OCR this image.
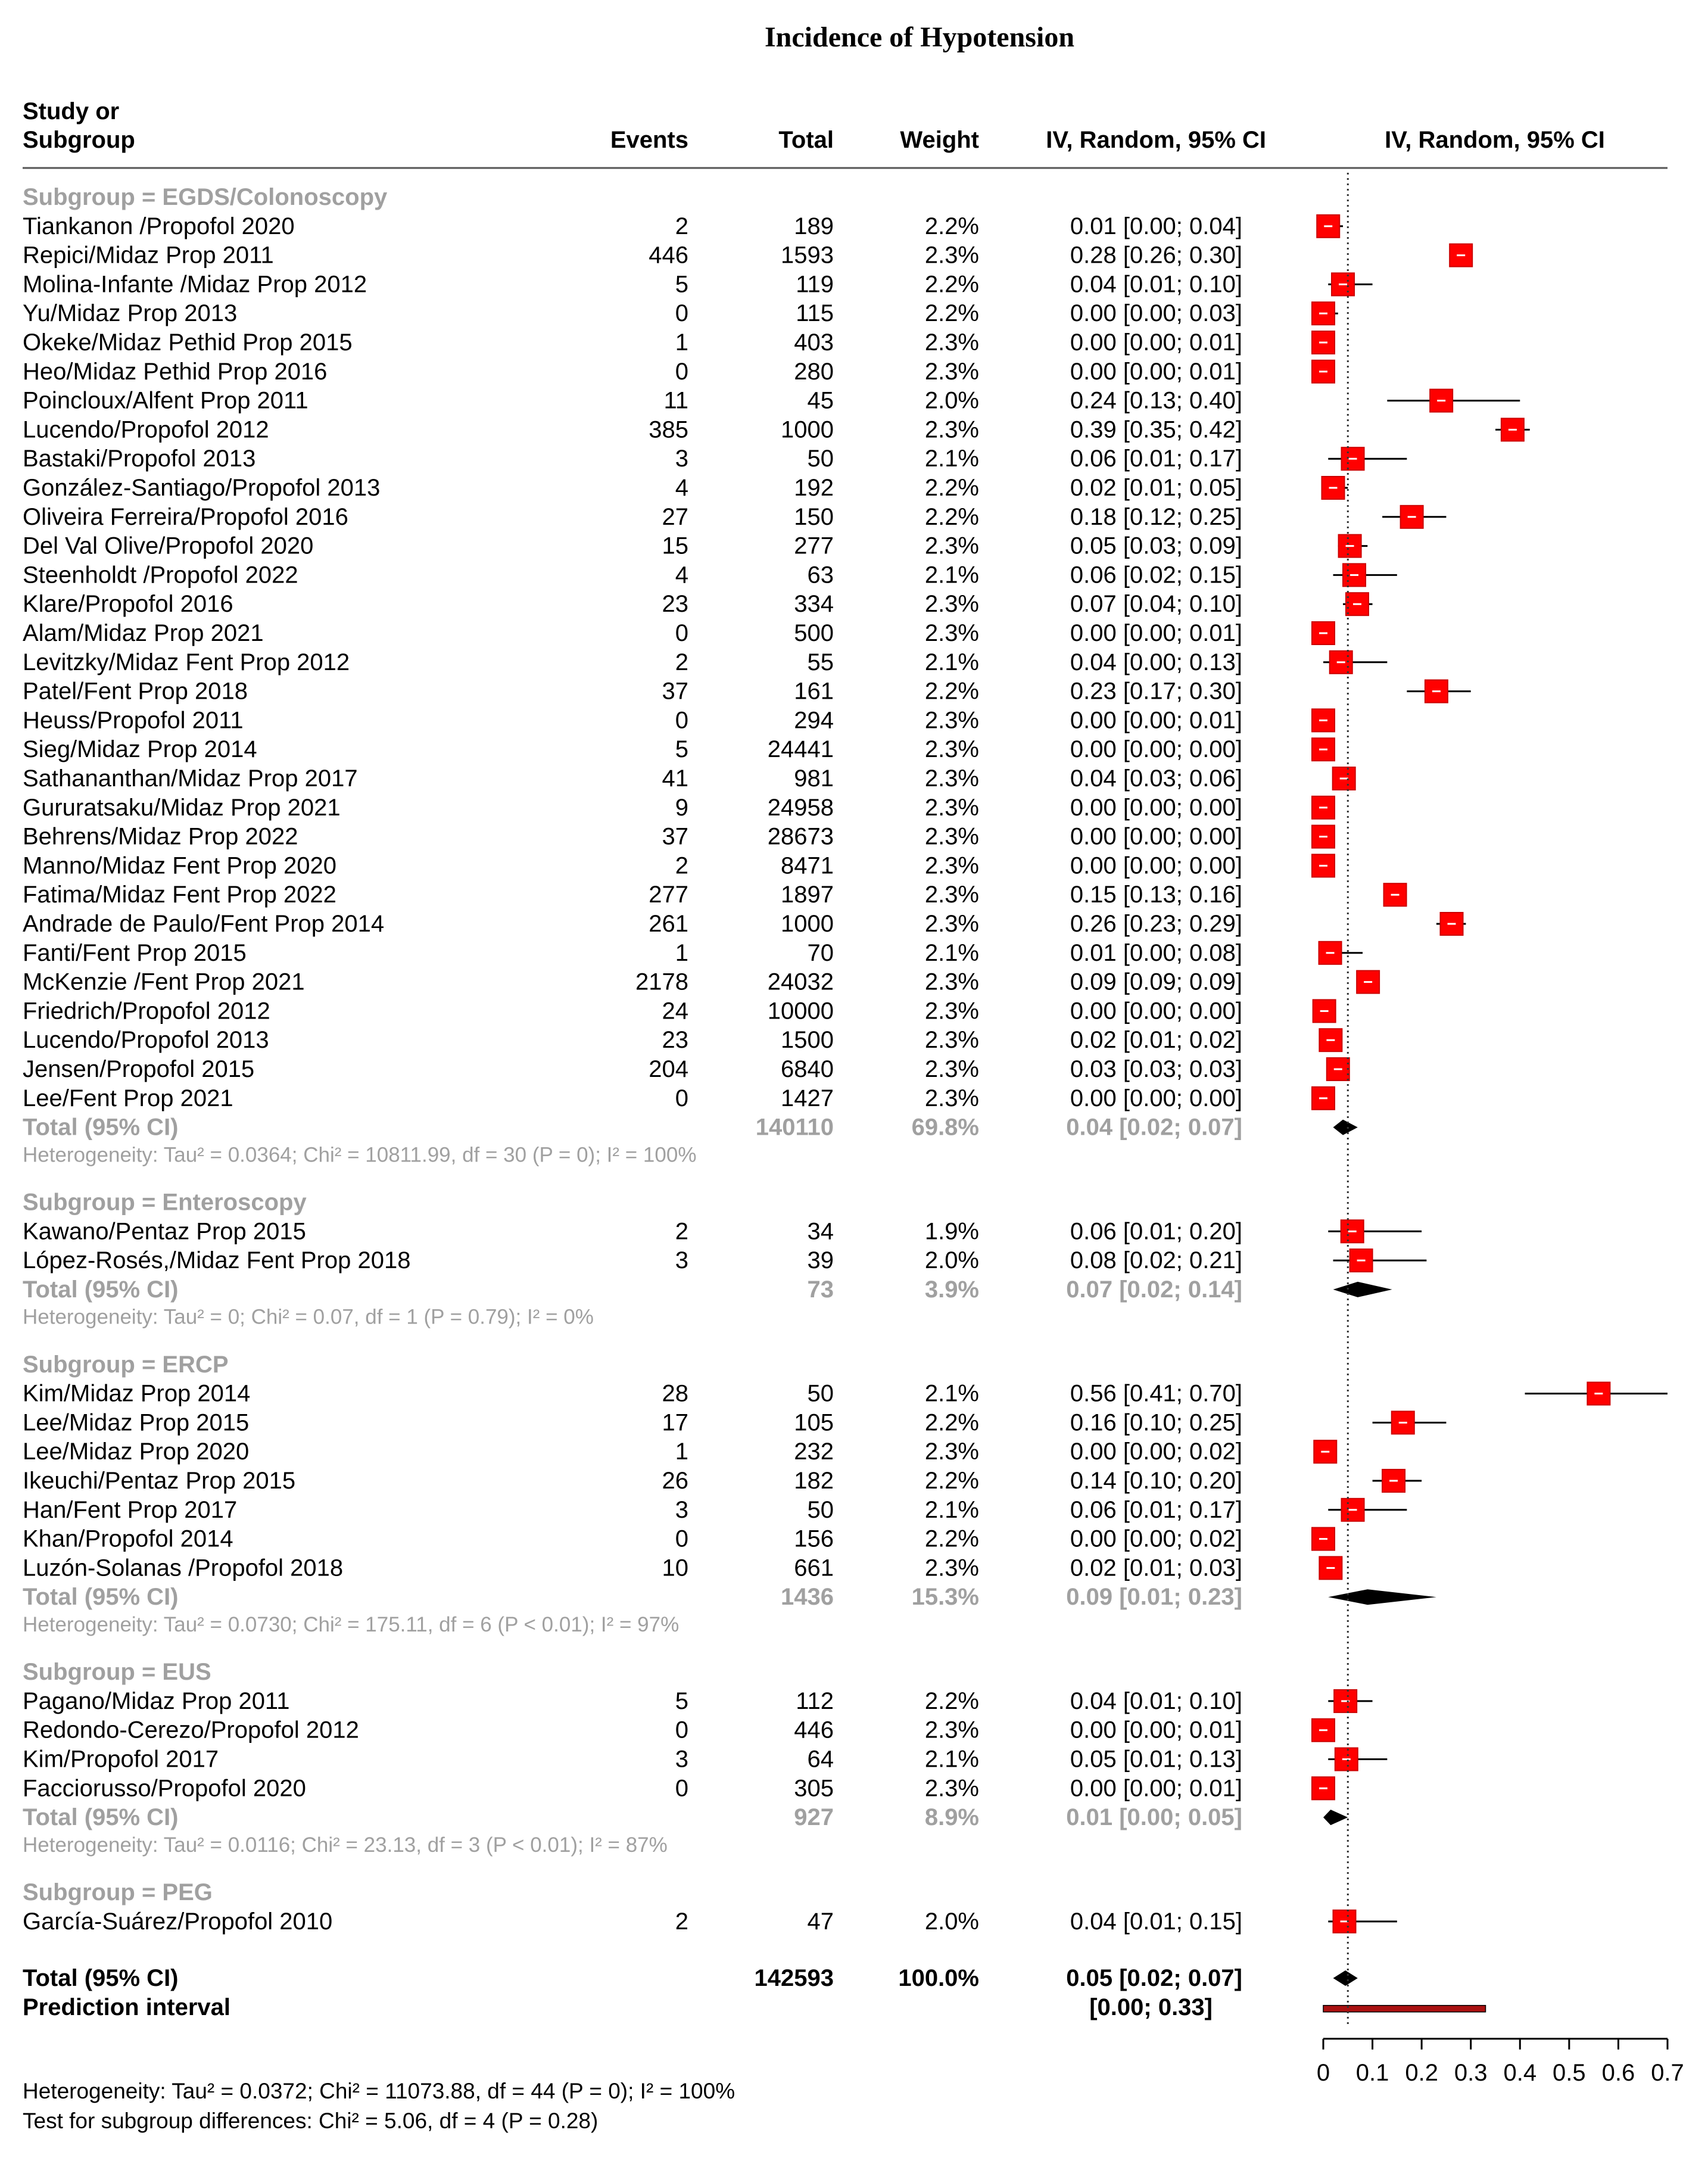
Incidence of Hypotension
Study or
Subgroup	Events	Total	Weight	IV, Random, 95% CI	IV, Random, 95% CI
Subgroup = EGDS/Colonoscopy
Tiankanon /Propofol 2020	2	189	2.2%	0.01 [0.00; 0.04]
Repici/Midaz Prop 2011	446	1593	2.3%	0.28 [0.26; 0.30]
Molina-Infante /Midaz Prop 2012	5	119	2.2%	0.04 [0.01; 0.10]
Yu/Midaz Prop 2013	0	115	2.2%	0.00 [0.00; 0.03]
Okeke/Midaz Pethid Prop 2015	1	403	2.3%	0.00 [0.00; 0.01]
Heo/Midaz Pethid Prop 2016	0	280	2.3%	0.00 [0.00; 0.01]
Poincloux/Alfent Prop 2011	11	45	2.0%	0.24 [0.13; 0.40]
Lucendo/Propofol 2012	385	1000	2.3%	0.39 [0.35; 0.42]
Bastaki/Propofol 2013	3	50	2.1%	0.06 [0.01; 0.17]
González-Santiago/Propofol 2013	4	192	2.2%	0.02 [0.01; 0.05]
Oliveira Ferreira/Propofol 2016	27	150	2.2%	0.18 [0.12; 0.25]
Del Val Olive/Propofol 2020	15	277	2.3%	0.05 [0.03; 0.09]
Steenholdt /Propofol 2022	4	63	2.1%	0.06 [0.02; 0.15]
Klare/Propofol 2016	23	334	2.3%	0.07 [0.04; 0.10]
Alam/Midaz Prop 2021	0	500	2.3%	0.00 [0.00; 0.01]
Levitzky/Midaz Fent Prop 2012	2	55	2.1%	0.04 [0.00; 0.13]
Patel/Fent Prop 2018	37	161	2.2%	0.23 [0.17; 0.30]
Heuss/Propofol 2011	0	294	2.3%	0.00 [0.00; 0.01]
Sieg/Midaz Prop 2014	5	24441	2.3%	0.00 [0.00; 0.00]
Sathananthan/Midaz Prop 2017	41	981	2.3%	0.04 [0.03; 0.06]
Gururatsaku/Midaz Prop 2021	9	24958	2.3%	0.00 [0.00; 0.00]
Behrens/Midaz Prop 2022	37	28673	2.3%	0.00 [0.00; 0.00]
Manno/Midaz Fent Prop 2020	2	8471	2.3%	0.00 [0.00; 0.00]
Fatima/Midaz Fent Prop 2022	277	1897	2.3%	0.15 [0.13; 0.16]
Andrade de Paulo/Fent Prop 2014	261	1000	2.3%	0.26 [0.23; 0.29]
Fanti/Fent Prop 2015	1	70	2.1%	0.01 [0.00; 0.08]
McKenzie /Fent Prop 2021	2178	24032	2.3%	0.09 [0.09; 0.09]
Friedrich/Propofol 2012	24	10000	2.3%	0.00 [0.00; 0.00]
Lucendo/Propofol 2013	23	1500	2.3%	0.02 [0.01; 0.02]
Jensen/Propofol 2015	204	6840	2.3%	0.03 [0.03; 0.03]
Lee/Fent Prop 2021	0	1427	2.3%	0.00 [0.00; 0.00]
Total (95% CI)	140110	69.8%	0.04 [0.02; 0.07]
Heterogeneity: Tau² = 0.0364; Chi² = 10811.99, df = 30 (P = 0); I² = 100%
Subgroup = Enteroscopy
Kawano/Pentaz Prop 2015	2	34	1.9%	0.06 [0.01; 0.20]
López-Rosés,/Midaz Fent Prop 2018	3	39	2.0%	0.08 [0.02; 0.21]
Total (95% CI)	73	3.9%	0.07 [0.02; 0.14]
Heterogeneity: Tau² = 0; Chi² = 0.07, df = 1 (P = 0.79); I² = 0%
Subgroup = ERCP
Kim/Midaz Prop 2014	28	50	2.1%	0.56 [0.41; 0.70]
Lee/Midaz Prop 2015	17	105	2.2%	0.16 [0.10; 0.25]
Lee/Midaz Prop 2020	1	232	2.3%	0.00 [0.00; 0.02]
Ikeuchi/Pentaz Prop 2015	26	182	2.2%	0.14 [0.10; 0.20]
Han/Fent Prop 2017	3	50	2.1%	0.06 [0.01; 0.17]
Khan/Propofol 2014	0	156	2.2%	0.00 [0.00; 0.02]
Luzón-Solanas /Propofol 2018	10	661	2.3%	0.02 [0.01; 0.03]
Total (95% CI)	1436	15.3%	0.09 [0.01; 0.23]
Heterogeneity: Tau² = 0.0730; Chi² = 175.11, df = 6 (P < 0.01); I² = 97%
Subgroup = EUS
Pagano/Midaz Prop 2011	5	112	2.2%	0.04 [0.01; 0.10]
Redondo-Cerezo/Propofol 2012	0	446	2.3%	0.00 [0.00; 0.01]
Kim/Propofol 2017	3	64	2.1%	0.05 [0.01; 0.13]
Facciorusso/Propofol 2020	0	305	2.3%	0.00 [0.00; 0.01]
Total (95% CI)	927	8.9%	0.01 [0.00; 0.05]
Heterogeneity: Tau² = 0.0116; Chi² = 23.13, df = 3 (P < 0.01); I² = 87%
Subgroup = PEG
García-Suárez/Propofol 2010	2	47	2.0%	0.04 [0.01; 0.15]
Total (95% CI)	142593	100.0%	0.05 [0.02; 0.07]
Prediction interval	[0.00; 0.33]
Heterogeneity: Tau² = 0.0372; Chi² = 11073.88, df = 44 (P = 0); I² = 100%
Test for subgroup differences: Chi² = 5.06, df = 4 (P = 0.28)
0 0.1 0.2 0.3 0.4 0.5 0.6 0.7
